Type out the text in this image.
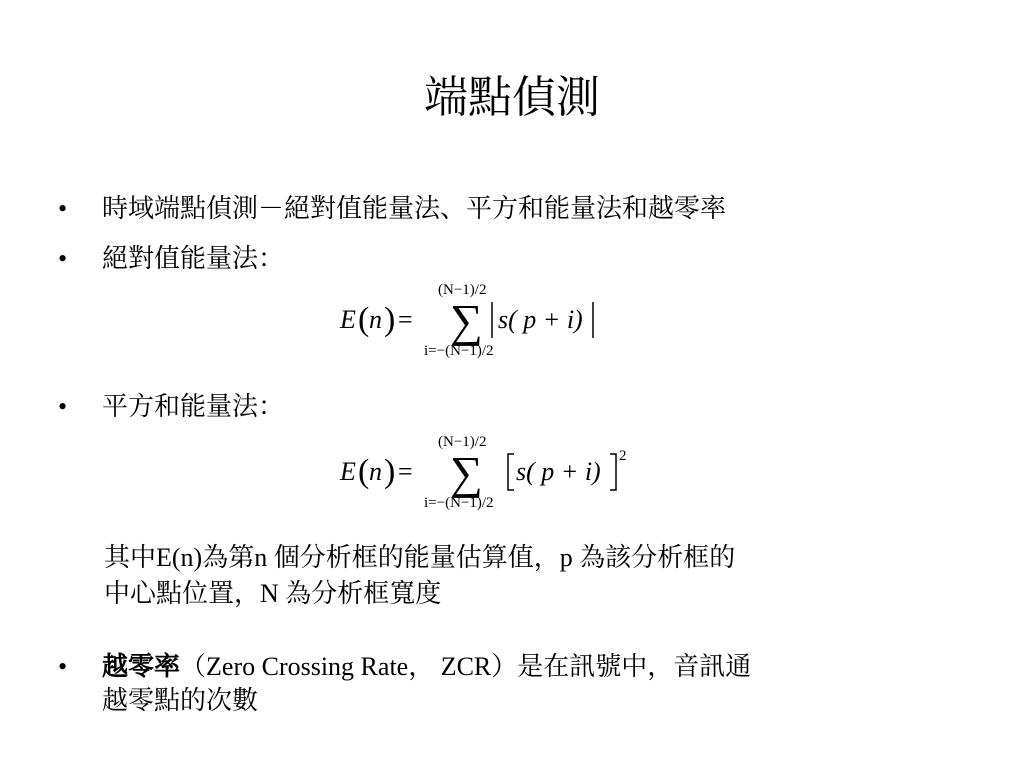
端點偵測
• 時域端點偵測－絕對值能量法、平方和能量法和越零率
• 絕對值能量法：
(N−1)/2
E ( n ) = ∑ s( p + i)
i=−(N−1)/2
• 平方和能量法：
(N−1)/2
E ( n ) = ∑ s( p + i)
2
i=−(N−1)/2
其中E(n)為第n 個分析框的能量估算值，p 為該分析框的
中心點位置，N 為分析框寬度
• 越零率（Zero Crossing Rate， ZCR）是在訊號中，音訊通
越零點的次數
